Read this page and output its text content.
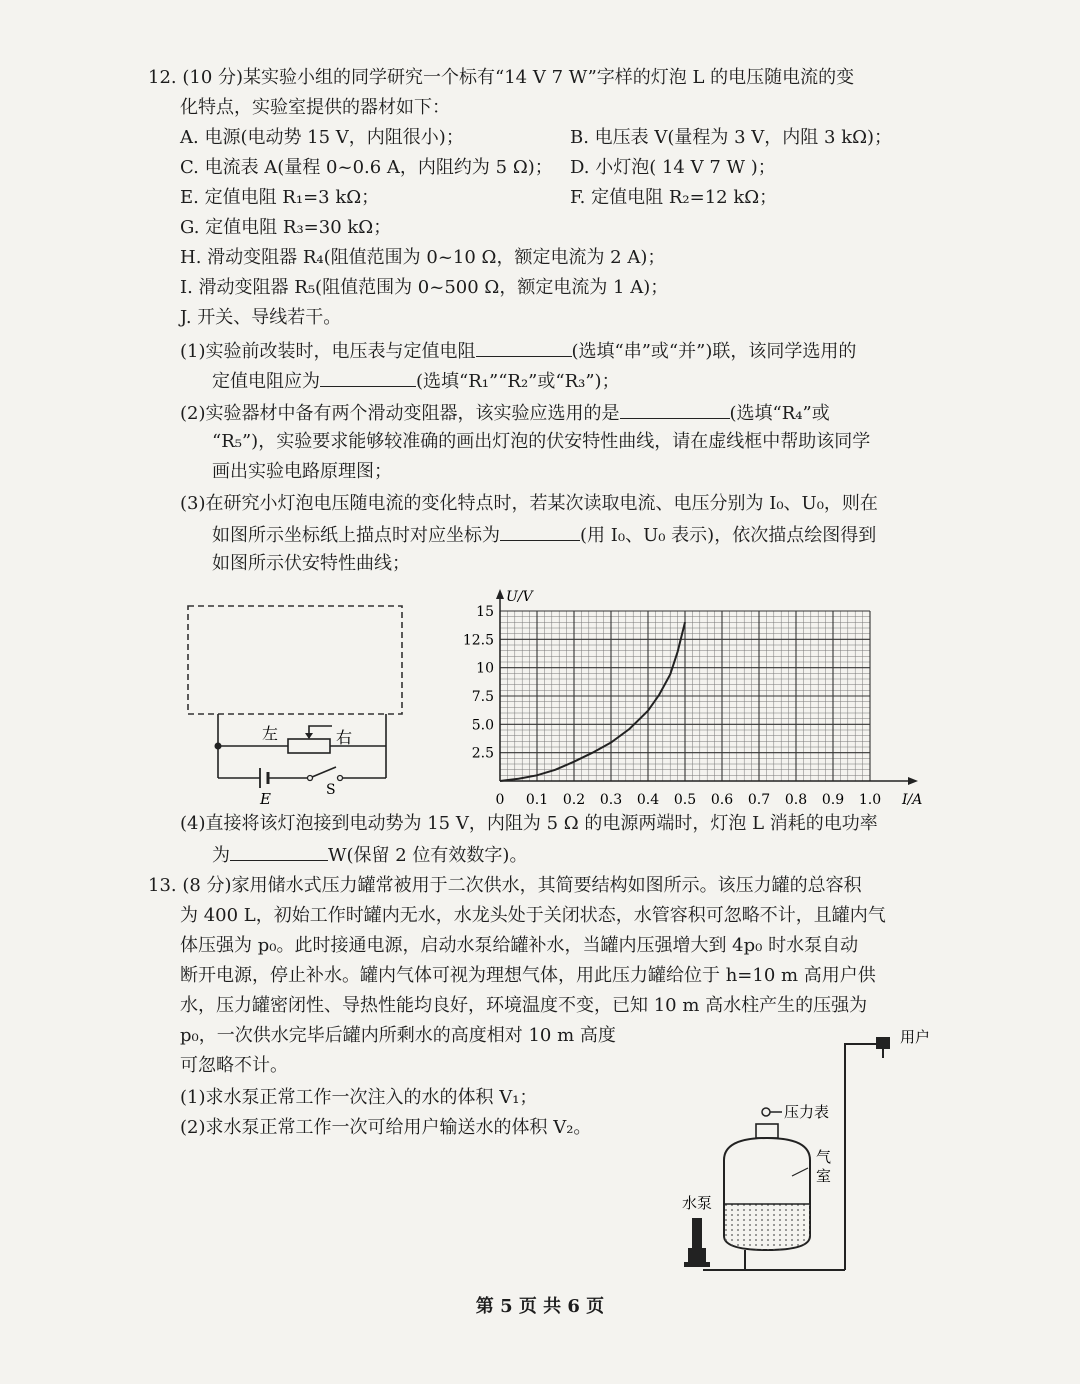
12. (10 分)某实验小组的同学研究一个标有“14 V 7 W”字样的灯泡 L 的电压随电流的变
化特点，实验室提供的器材如下：
A. 电源(电动势 15 V，内阻很小)；	B. 电压表 V(量程为 3 V，内阻 3 kΩ)；
C. 电流表 A(量程 0~0.6 A，内阻约为 5 Ω)； D. 小灯泡( 14 V 7 W )；
E. 定值电阻 R₁=3 kΩ；	F. 定值电阻 R₂=12 kΩ；
G. 定值电阻 R₃=30 kΩ；
H. 滑动变阻器 R₄(阻值范围为 0~10 Ω，额定电流为 2 A)；
I. 滑动变阻器 R₅(阻值范围为 0~500 Ω，额定电流为 1 A)；
J. 开关、导线若干。
(1)实验前改装时，电压表与定值电阻	(选填“串”或“并”)联，该同学选用的
定值电阻应为	(选填“R₁”“R₂”或“R₃”)；
(2)实验器材中备有两个滑动变阻器，该实验应选用的是	(选填“R₄”或
“R₅”)，实验要求能够较准确的画出灯泡的伏安特性曲线，请在虚线框中帮助该同学
画出实验电路原理图；
(3)在研究小灯泡电压随电流的变化特点时，若某次读取电流、电压分别为 I₀、U₀，则在
如图所示坐标纸上描点时对应坐标为	(用 I₀、U₀ 表示)，依次描点绘图得到
如图所示伏安特性曲线；
左	右
E	S
0 0.1 0.2 0.3 0.4 0.5 0.6 0.7 0.8 0.9 1.0
2.5
5.0
7.5
10
12.5
15
I/A
U/V
(4)直接将该灯泡接到电动势为 15 V，内阻为 5 Ω 的电源两端时，灯泡 L 消耗的电功率
为	W(保留 2 位有效数字)。
13. (8 分)家用储水式压力罐常被用于二次供水，其简要结构如图所示。该压力罐的总容积
为 400 L，初始工作时罐内无水，水龙头处于关闭状态，水管容积可忽略不计，且罐内气
体压强为 p₀。此时接通电源，启动水泵给罐补水，当罐内压强增大到 4p₀ 时水泵自动
断开电源，停止补水。罐内气体可视为理想气体，用此压力罐给位于 h=10 m 高用户供
水，压力罐密闭性、导热性能均良好，环境温度不变，已知 10 m 高水柱产生的压强为
p₀，一次供水完毕后罐内所剩水的高度相对 10 m 高度
可忽略不计。
(1)求水泵正常工作一次注入的水的体积 V₁；
(2)求水泵正常工作一次可给用户输送水的体积 V₂。
用户
压力表
气
室
水泵
第 5 页 共 6 页
